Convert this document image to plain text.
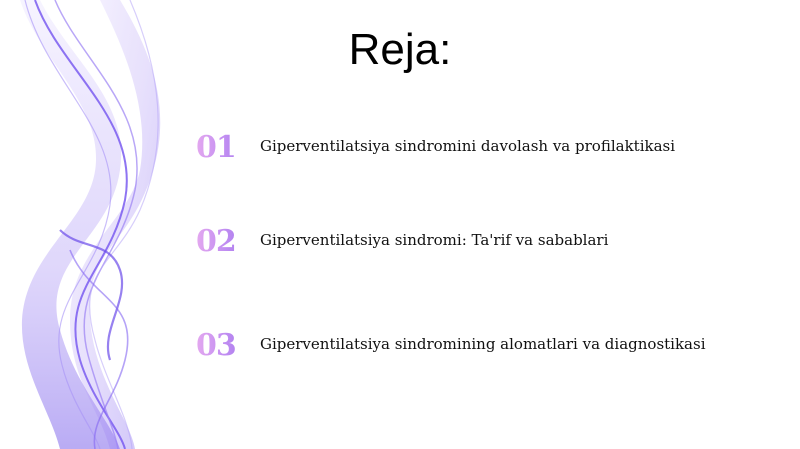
Reja:
01 Giperventilatsiya sindromini davolash va profilaktikasi
02 Giperventilatsiya sindromi: Ta'rif va sabablari
03 Giperventilatsiya sindromining alomatlari va diagnostikasi
